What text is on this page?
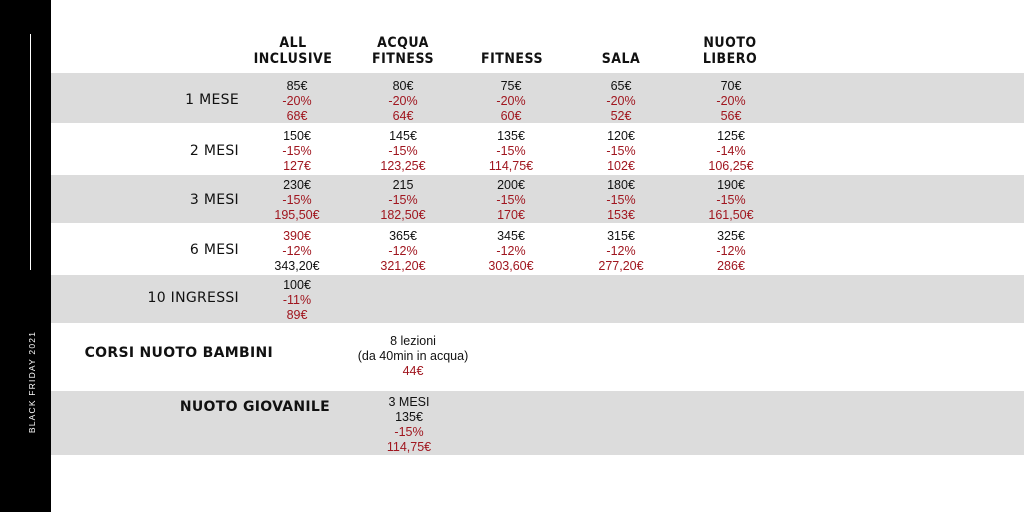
BLACK FRIDAY 2021
ALL
INCLUSIVE
ACQUA
FITNESS	FITNESS	SALA
NUOTO
LIBERO
1 MESE
2 MESI
3 MESI
6 MESI
10 INGRESSI
CORSI NUOTO BAMBINI
NUOTO GIOVANILE
85€
-20%
68€
80€
-20%
64€
75€
-20%
60€
65€
-20%
52€
70€
-20%
56€
150€
-15%
127€
145€
-15%
123,25€
135€
-15%
114,75€
120€
-15%
102€
125€
-14%
106,25€
230€
-15%
195,50€
215
-15%
182,50€
200€
-15%
170€
180€
-15%
153€
190€
-15%
161,50€
390€
-12%
343,20€
365€
-12%
321,20€
345€
-12%
303,60€
315€
-12%
277,20€
325€
-12%
286€
100€
-11%
89€
8 lezioni
(da 40min in acqua)
44€
3 MESI
135€
-15%
114,75€
